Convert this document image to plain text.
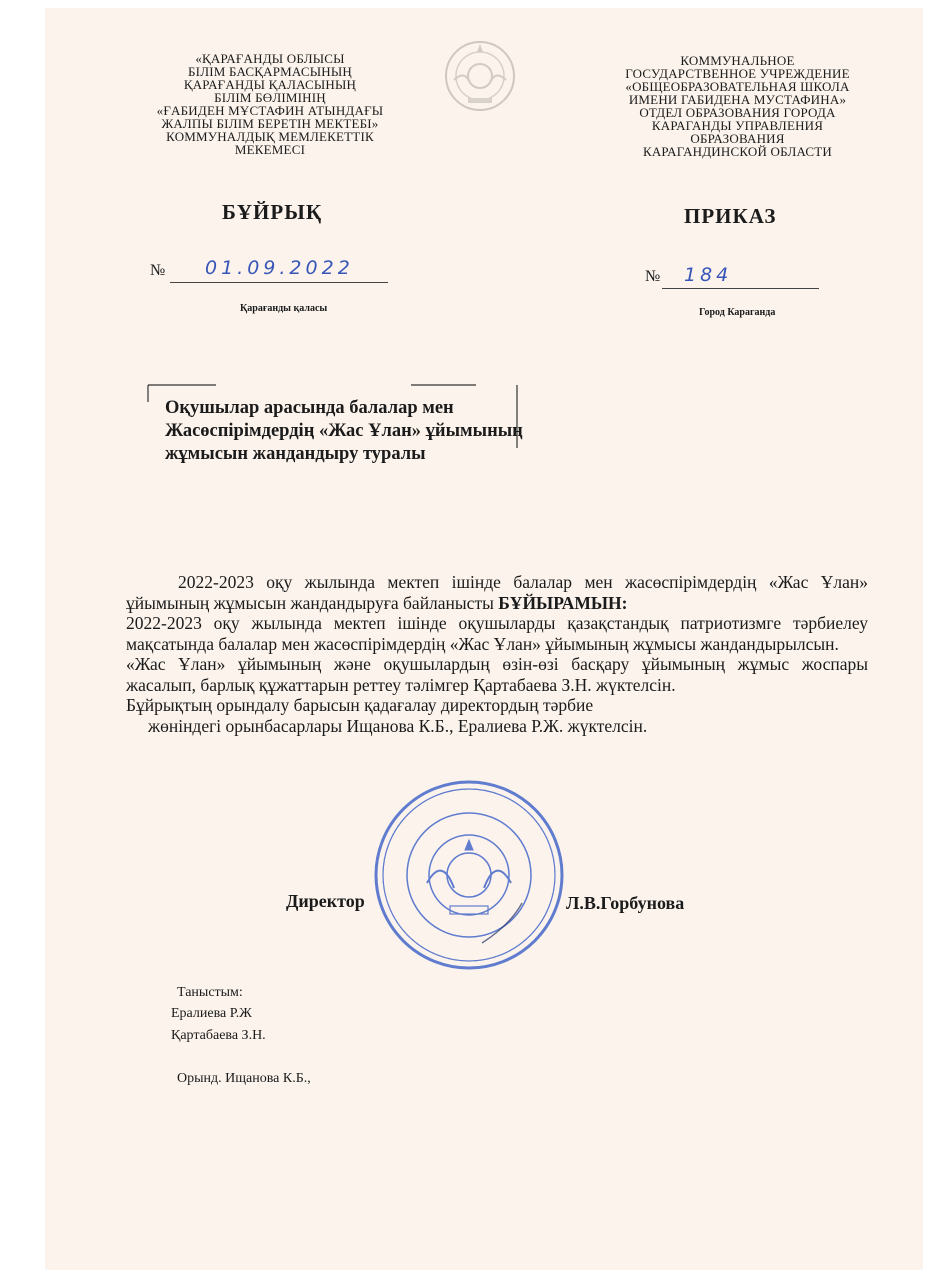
«ҚАРАҒАНДЫ ОБЛЫСЫ
БІЛІМ БАСҚАРМАСЫНЫҢ
ҚАРАҒАНДЫ ҚАЛАСЫНЫҢ
БІЛІМ БӨЛІМІНІҢ
«ҒАБИДЕН МҰСТАФИН АТЫНДАҒЫ
ЖАЛПЫ БІЛІМ БЕРЕТІН МЕКТЕБІ»
КОММУНАЛДЫҚ МЕМЛЕКЕТТІК
МЕКЕМЕСІ
КОММУНАЛЬНОЕ
ГОСУДАРСТВЕННОЕ УЧРЕЖДЕНИЕ
«ОБЩЕОБРАЗОВАТЕЛЬНАЯ ШКОЛА
ИМЕНИ ГАБИДЕНА МУСТАФИНА»
ОТДЕЛ ОБРАЗОВАНИЯ ГОРОДА
КАРАГАНДЫ УПРАВЛЕНИЯ
ОБРАЗОВАНИЯ
КАРАГАНДИНСКОЙ ОБЛАСТИ
БҰЙРЫҚ	ПРИКАЗ
№ 01.09.2022	№ 184
Қарағанды қаласы	Город Караганда
Оқушылар арасында балалар мен Жасөспірімдердің «Жас Ұлан» ұйымының жұмысын жандандыру туралы

2022-2023 оқу жылында мектеп ішінде балалар мен жасөспірімдердің «Жас Ұлан» ұйымының жұмысын жандандыруға байланысты БҰЙЫРАМЫН:

2022-2023 оқу жылында мектеп ішінде оқушыларды қазақстандық патриотизмге тәрбиелеу мақсатында балалар мен жасөспірімдердің «Жас Ұлан» ұйымының жұмысы жандандырылсын.

«Жас Ұлан» ұйымының және оқушылардың өзін-өзі басқару ұйымының жұмыс жоспары жасалып, барлық құжаттарын реттеу тәлімгер Қартабаева З.Н. жүктелсін.

Бұйрықтың орындалу барысын қадағалау директордың тәрбие

жөніндегі орынбасарлары Ищанова К.Б., Ералиева Р.Ж. жүктелсін.

Директор	Л.В.Горбунова
Таныстым:
Ералиева Р.Ж
Қартабаева З.Н.
Орынд. Ищанова К.Б.,
